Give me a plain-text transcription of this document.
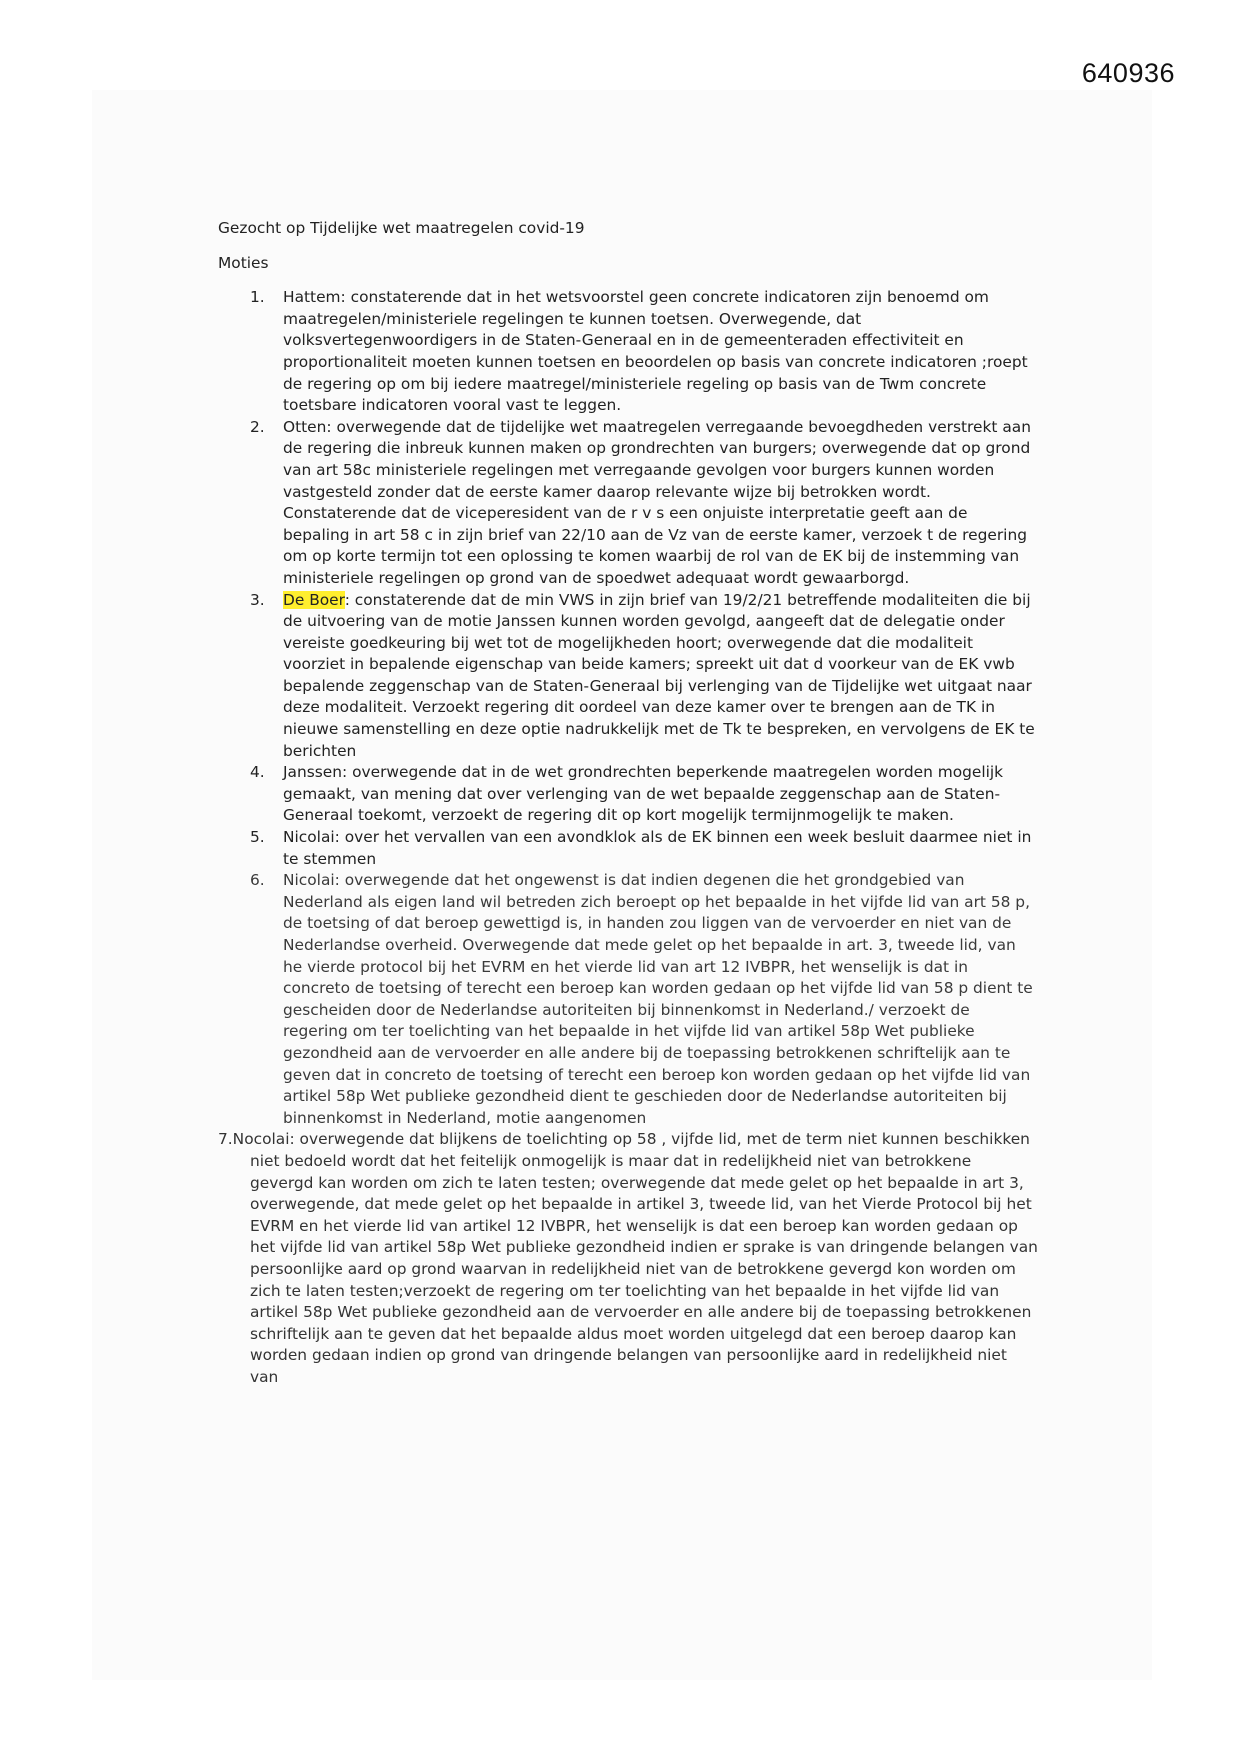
640936

Gezocht op Tijdelijke wet maatregelen covid-19

Moties

1. Hattem: constaterende dat in het wetsvoorstel geen concrete indicatoren zijn benoemd om maatregelen/ministeriele regelingen te kunnen toetsen. Overwegende, dat volksvertegenwoordigers in de Staten-Generaal en in de gemeenteraden effectiviteit en proportionaliteit moeten kunnen toetsen en beoordelen op basis van concrete indicatoren ;roept de regering op om bij iedere maatregel/ministeriele regeling op basis van de Twm concrete toetsbare indicatoren vooral vast te leggen.
2. Otten: overwegende dat de tijdelijke wet maatregelen verregaande bevoegdheden verstrekt aan de regering die inbreuk kunnen maken op grondrechten van burgers; overwegende dat op grond van art 58c ministeriele regelingen met verregaande gevolgen voor burgers kunnen worden vastgesteld zonder dat de eerste kamer daarop relevante wijze bij betrokken wordt. Constaterende dat de viceperesident van de r v s een onjuiste interpretatie geeft aan de bepaling in art 58 c in zijn brief van 22/10 aan de Vz van de eerste kamer, verzoek t de regering om op korte termijn tot een oplossing te komen waarbij de rol van de EK bij de instemming van ministeriele regelingen op grond van de spoedwet adequaat wordt gewaarborgd.
3. De Boer: constaterende dat de min VWS in zijn brief van 19/2/21 betreffende modaliteiten die bij de uitvoering van de motie Janssen kunnen worden gevolgd, aangeeft dat de delegatie onder vereiste goedkeuring bij wet tot de mogelijkheden hoort; overwegende dat die modaliteit voorziet in bepalende eigenschap van beide kamers; spreekt uit dat d voorkeur van de EK vwb bepalende zeggenschap van de Staten-Generaal bij verlenging van de Tijdelijke wet uitgaat naar deze modaliteit. Verzoekt regering dit oordeel van deze kamer over te brengen aan de TK in nieuwe samenstelling en deze optie nadrukkelijk met de Tk te bespreken, en vervolgens de EK te berichten
4. Janssen: overwegende dat in de wet grondrechten beperkende maatregelen worden mogelijk gemaakt, van mening dat over verlenging van de wet bepaalde zeggenschap aan de Staten-Generaal toekomt, verzoekt de regering dit op kort mogelijk termijnmogelijk te maken.
5. Nicolai: over het vervallen van een avondklok als de EK binnen een week besluit daarmee niet in te stemmen
6. Nicolai: overwegende dat het ongewenst is dat indien degenen die het grondgebied van Nederland als eigen land wil betreden zich beroept op het bepaalde in het vijfde lid van art 58 p, de toetsing of dat beroep gewettigd is, in handen zou liggen van de vervoerder en niet van de Nederlandse overheid. Overwegende dat mede gelet op het bepaalde in art. 3, tweede lid, van he vierde protocol bij het EVRM en het vierde lid van art 12 IVBPR, het wenselijk is dat in concreto de toetsing of terecht een beroep kan worden gedaan op het vijfde lid van 58 p dient te gescheiden door de Nederlandse autoriteiten bij binnenkomst in Nederland./ verzoekt de regering om ter toelichting van het bepaalde in het vijfde lid van artikel 58p Wet publieke gezondheid aan de vervoerder en alle andere bij de toepassing betrokkenen schriftelijk aan te geven dat in concreto de toetsing of terecht een beroep kon worden gedaan op het vijfde lid van artikel 58p Wet publieke gezondheid dient te geschieden door de Nederlandse autoriteiten bij binnenkomst in Nederland, motie aangenomen

7.Nocolai: overwegende dat blijkens de toelichting op 58 , vijfde lid, met de term niet kunnen beschikken niet bedoeld wordt dat het feitelijk onmogelijk is maar dat in redelijkheid niet van betrokkene gevergd kan worden om zich te laten testen; overwegende dat mede gelet op het bepaalde in art 3, overwegende, dat mede gelet op het bepaalde in artikel 3, tweede lid, van het Vierde Protocol bij het EVRM en het vierde lid van artikel 12 IVBPR, het wenselijk is dat een beroep kan worden gedaan op het vijfde lid van artikel 58p Wet publieke gezondheid indien er sprake is van dringende belangen van persoonlijke aard op grond waarvan in redelijkheid niet van de betrokkene gevergd kon worden om zich te laten testen;verzoekt de regering om ter toelichting van het bepaalde in het vijfde lid van artikel 58p Wet publieke gezondheid aan de vervoerder en alle andere bij de toepassing betrokkenen schriftelijk aan te geven dat het bepaalde aldus moet worden uitgelegd dat een beroep daarop kan worden gedaan indien op grond van dringende belangen van persoonlijke aard in redelijkheid niet van
